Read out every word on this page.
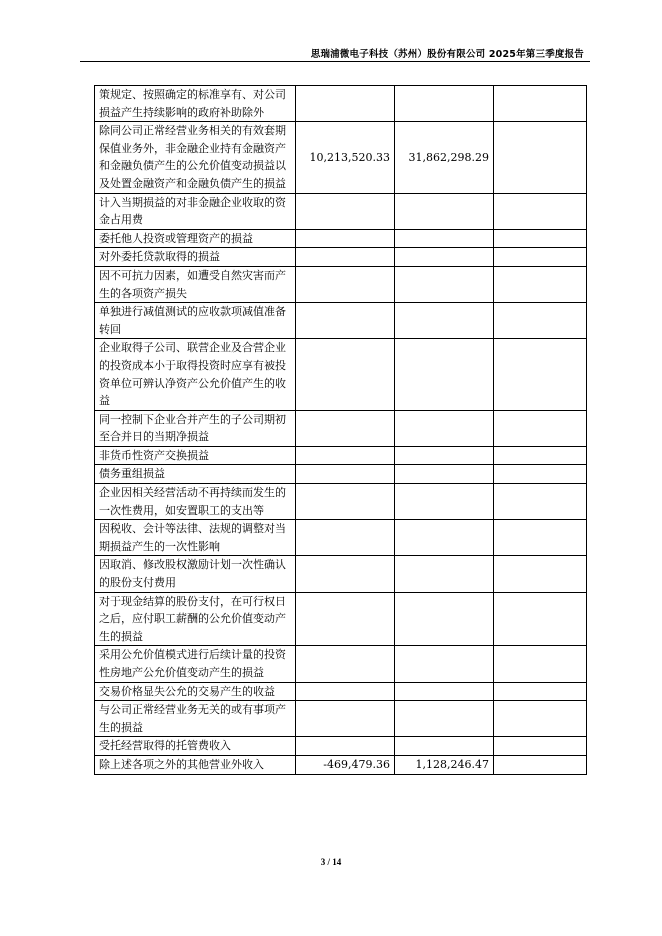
思瑞浦微电子科技（苏州）股份有限公司 2025年第三季度报告
策规定、按照确定的标准享有、对公司损益产生持续影响的政府补助除外			
除同公司正常经营业务相关的有效套期保值业务外，非金融企业持有金融资产和金融负债产生的公允价值变动损益以及处置金融资产和金融负债产生的损益	10,213,520.33	31,862,298.29	
计入当期损益的对非金融企业收取的资金占用费			
委托他人投资或管理资产的损益			
对外委托贷款取得的损益			
因不可抗力因素，如遭受自然灾害而产生的各项资产损失			
单独进行减值测试的应收款项减值准备转回			
企业取得子公司、联营企业及合营企业的投资成本小于取得投资时应享有被投资单位可辨认净资产公允价值产生的收益			
同一控制下企业合并产生的子公司期初至合并日的当期净损益			
非货币性资产交换损益			
债务重组损益			
企业因相关经营活动不再持续而发生的一次性费用，如安置职工的支出等			
因税收、会计等法律、法规的调整对当期损益产生的一次性影响			
因取消、修改股权激励计划一次性确认的股份支付费用			
对于现金结算的股份支付，在可行权日之后，应付职工薪酬的公允价值变动产生的损益			
采用公允价值模式进行后续计量的投资性房地产公允价值变动产生的损益			
交易价格显失公允的交易产生的收益			
与公司正常经营业务无关的或有事项产生的损益			
受托经营取得的托管费收入			
除上述各项之外的其他营业外收入	-469,479.36	1,128,246.47	
3 / 14
